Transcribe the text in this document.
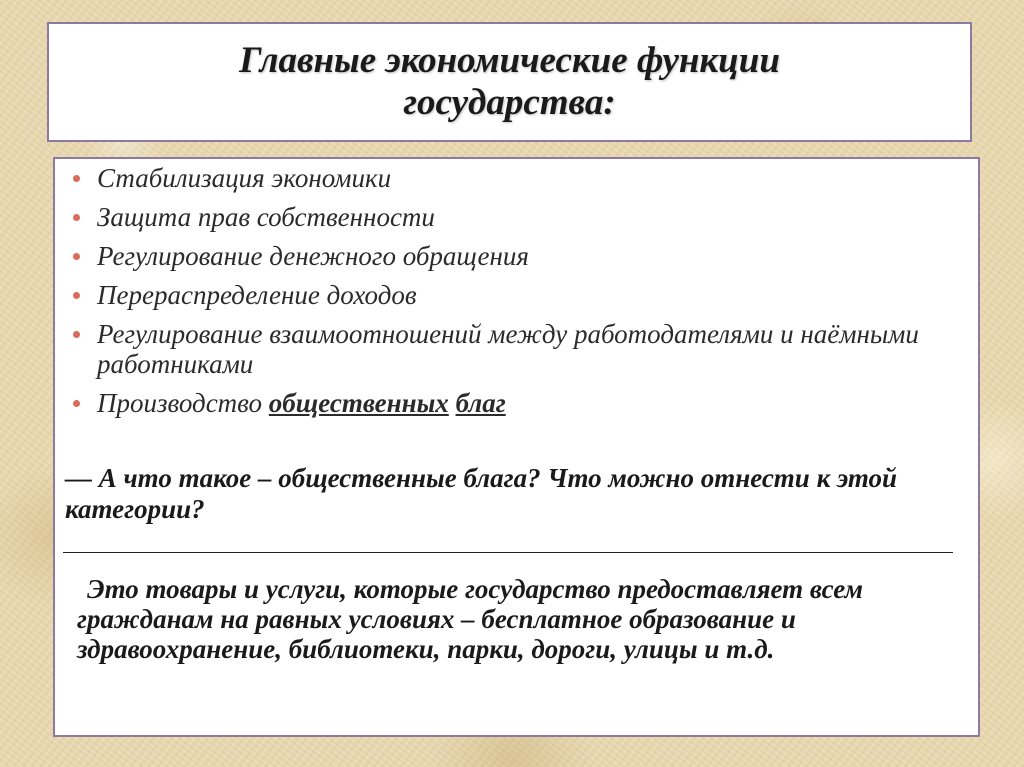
Главные экономические функции
государства:
Стабилизация экономики
Защита прав собственности
Регулирование денежного обращения
Перераспределение доходов
Регулирование взаимоотношений между работодателями и наёмными работниками
Производство общественных благ

— А что такое – общественные блага? Что можно отнести к этой категории?

Это товары и услуги, которые государство предоставляет всем гражданам на равных условиях – бесплатное образование и здравоохранение, библиотеки, парки, дороги, улицы и т.д.
